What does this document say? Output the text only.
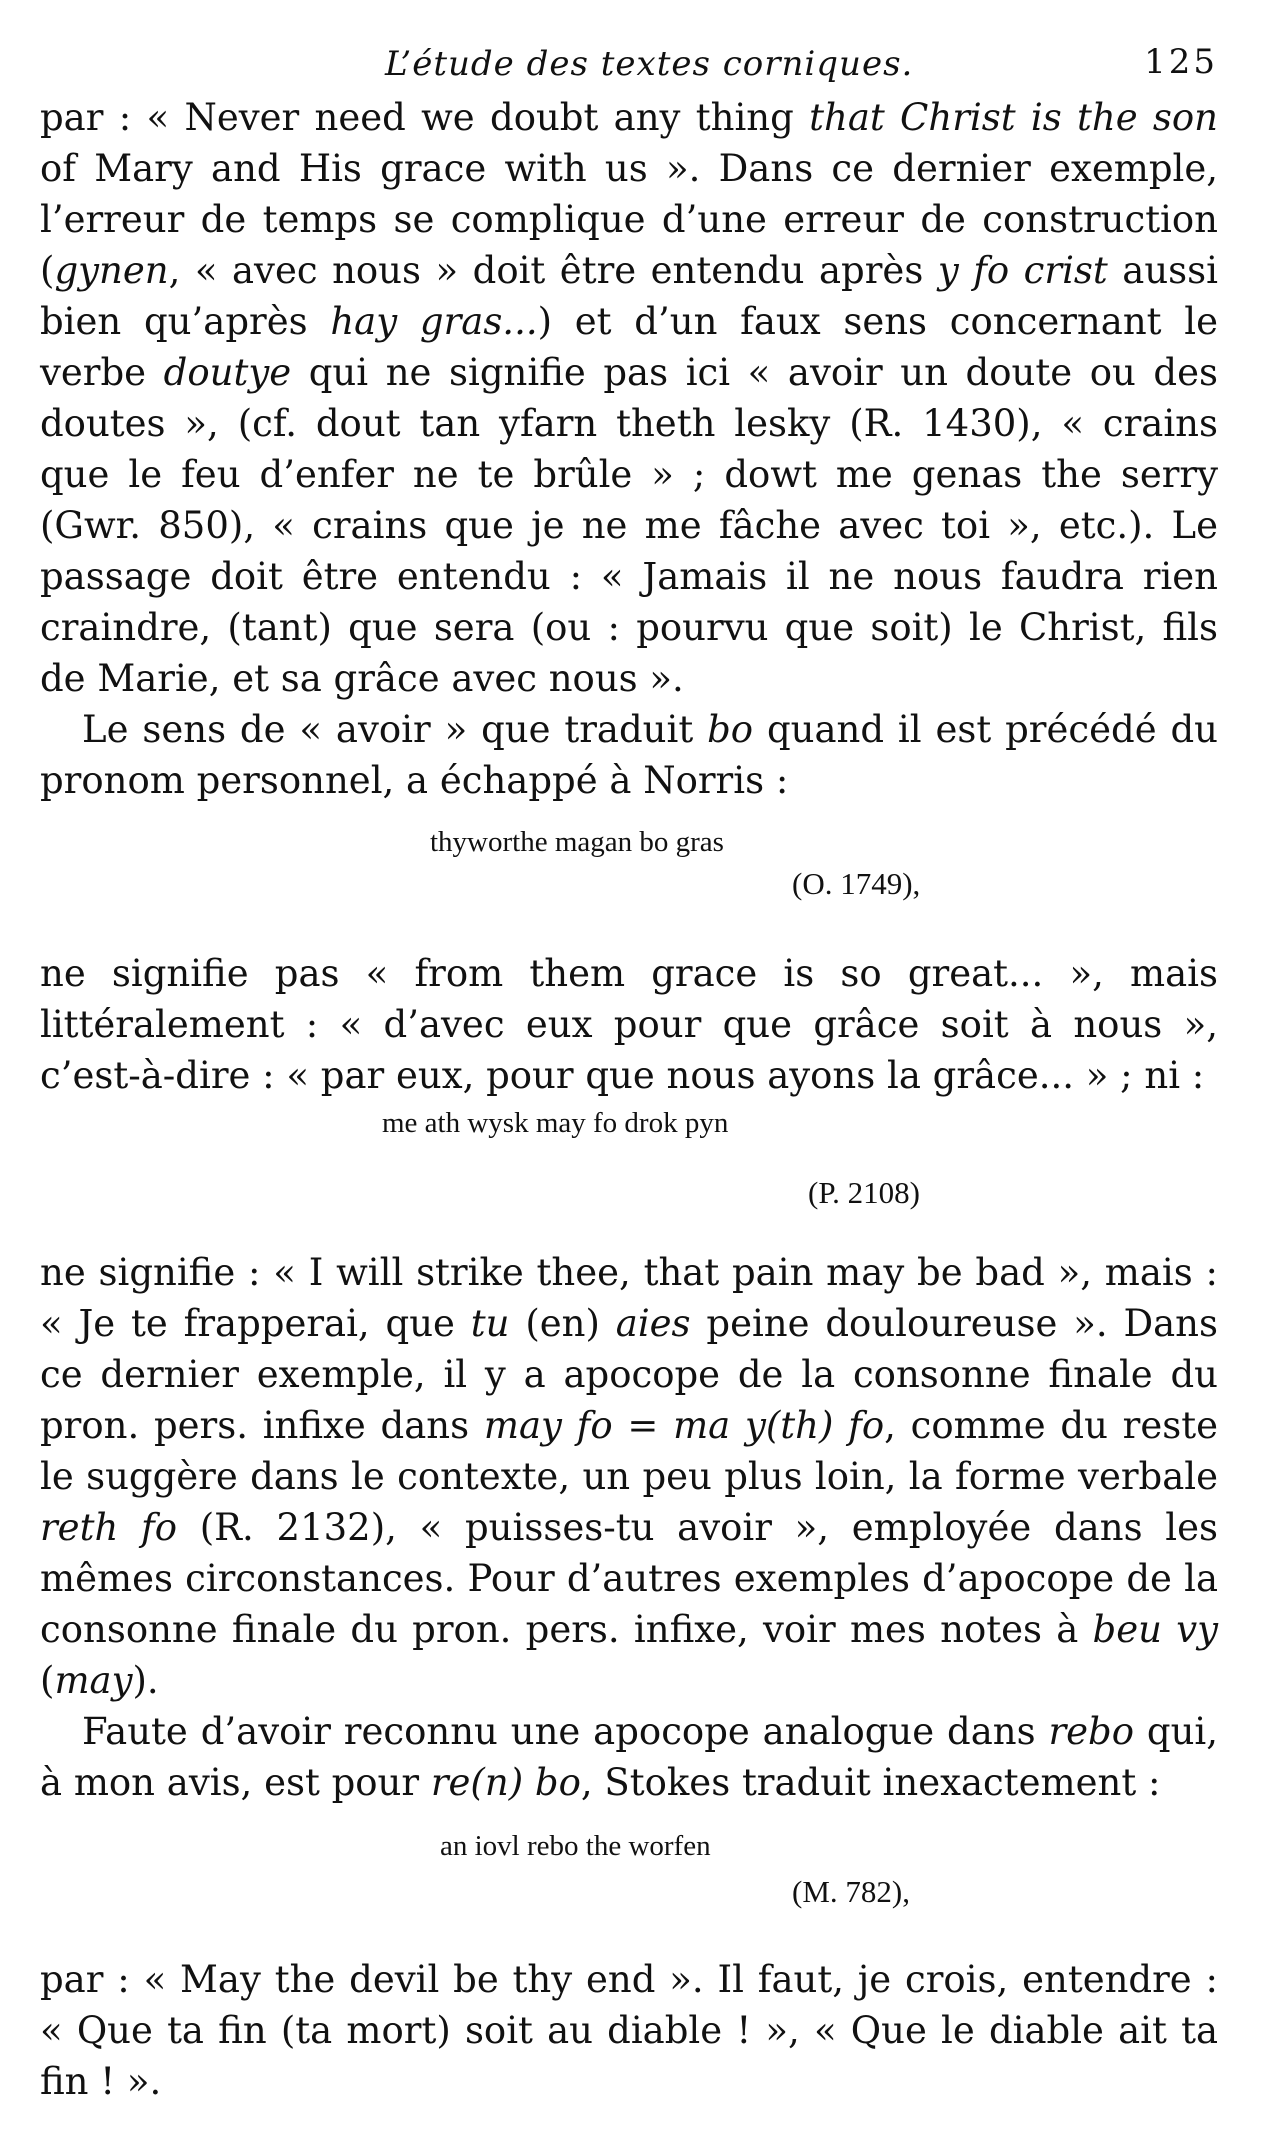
L’étude des textes corniques.	125

par : « Never need we doubt any thing that Christ is the son of Mary and His grace with us ». Dans ce dernier exemple, l’erreur de temps se complique d’une erreur de construction (gynen, « avec nous » doit être entendu après y fo crist aussi bien qu’après hay gras...) et d’un faux sens concernant le verbe doutye qui ne signifie pas ici « avoir un doute ou des doutes », (cf. dout tan yfarn theth lesky (R. 1430), « crains que le feu d’enfer ne te brûle » ; dowt me genas the serry (Gwr. 850), « crains que je ne me fâche avec toi », etc.). Le passage doit être entendu : « Jamais il ne nous faudra rien craindre, (tant) que sera (ou : pourvu que soit) le Christ, fils de Marie, et sa grâce avec nous ».

Le sens de « avoir » que traduit bo quand il est précédé du pronom personnel, a échappé à Norris :

thyworthe magan bo gras
(O. 1749),

ne signifie pas « from them grace is so great... », mais littéralement : « d’avec eux pour que grâce soit à nous », c’est-à-dire : « par eux, pour que nous ayons la grâce... » ; ni :

me ath wysk may fo drok pyn
(P. 2108)

ne signifie : « I will strike thee, that pain may be bad », mais : « Je te frapperai, que tu (en) aies peine douloureuse ». Dans ce dernier exemple, il y a apocope de la consonne finale du pron. pers. infixe dans may fo = ma y(th) fo, comme du reste le suggère dans le contexte, un peu plus loin, la forme verbale reth fo (R. 2132), « puisses-tu avoir », employée dans les mêmes circonstances. Pour d’autres exemples d’apocope de la consonne finale du pron. pers. infixe, voir mes notes à beu vy (may).

Faute d’avoir reconnu une apocope analogue dans rebo qui, à mon avis, est pour re(n) bo, Stokes traduit inexactement :

an iovl rebo the worfen
(M. 782),

par : « May the devil be thy end ». Il faut, je crois, entendre : « Que ta fin (ta mort) soit au diable ! », « Que le diable ait ta fin ! ».
